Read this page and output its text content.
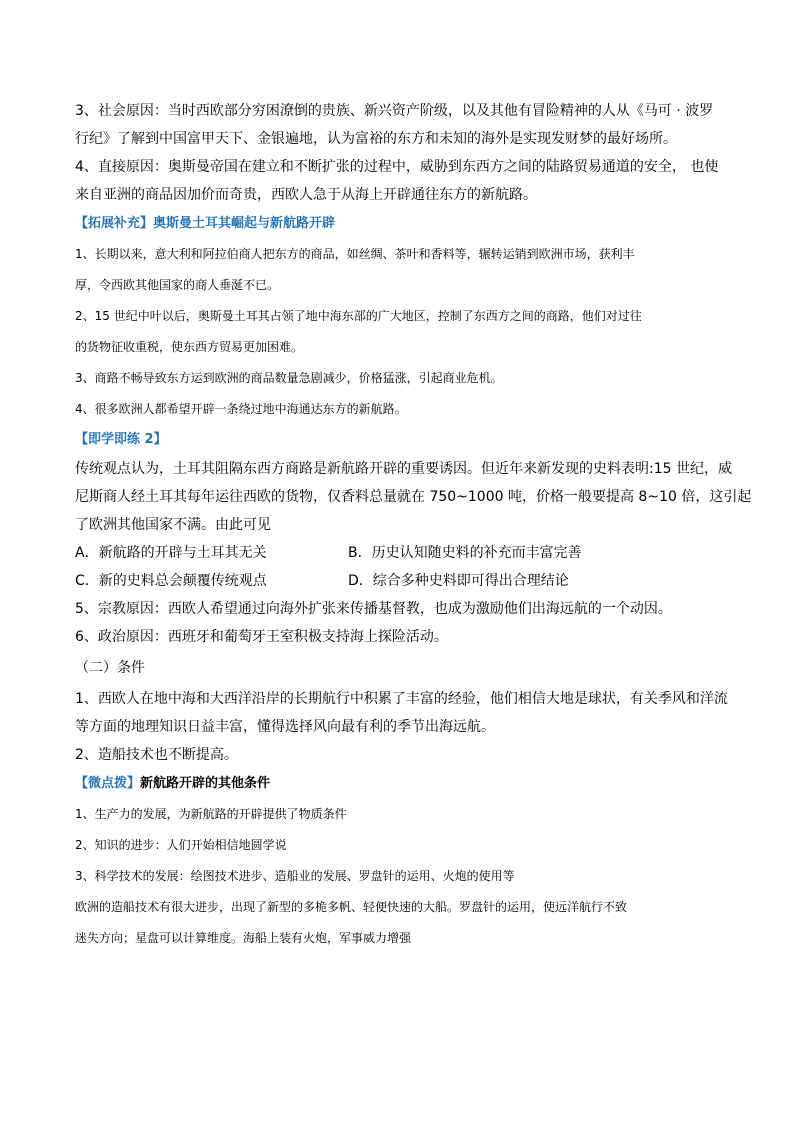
3、社会原因：当时西欧部分穷困潦倒的贵族、新兴资产阶级，以及其他有冒险精神的人从《马可 · 波罗
行纪》了解到中国富甲天下、金银遍地，认为富裕的东方和未知的海外是实现发财梦的最好场所。

4、直接原因：奥斯曼帝国在建立和不断扩张的过程中，威胁到东西方之间的陆路贸易通道的安全， 也使
来自亚洲的商品因加价而奇贵，西欧人急于从海上开辟通往东方的新航路。

【拓展补充】奥斯曼土耳其崛起与新航路开辟

1、长期以来，意大利和阿拉伯商人把东方的商品，如丝绸、茶叶和香料等，辗转运销到欧洲市场，获利丰
厚，令西欧其他国家的商人垂涎不已。

2、15 世纪中叶以后，奥斯曼土耳其占领了地中海东部的广大地区，控制了东西方之间的商路，他们对过往
的货物征收重税，使东西方贸易更加困难。

3、商路不畅导致东方运到欧洲的商品数量急剧减少，价格猛涨，引起商业危机。

4、很多欧洲人都希望开辟一条绕过地中海通达东方的新航路。

【即学即练 2】

传统观点认为，土耳其阻隔东西方商路是新航路开辟的重要诱因。但近年来新发现的史料表明:15 世纪，威
尼斯商人经土耳其每年运往西欧的货物，仅香料总量就在 750~1000 吨，价格一般要提高 8~10 倍，这引起
了欧洲其他国家不满。由此可见

A．新航路的开辟与土耳其无关	B．历史认知随史料的补充而丰富完善
C．新的史料总会颠覆传统观点	D．综合多种史料即可得出合理结论

5、宗教原因：西欧人希望通过向海外扩张来传播基督教，也成为激励他们出海远航的一个动因。

6、政治原因：西班牙和葡萄牙王室积极支持海上探险活动。

（二）条件

1、西欧人在地中海和大西洋沿岸的长期航行中积累了丰富的经验，他们相信大地是球状，有关季风和洋流
等方面的地理知识日益丰富，懂得选择风向最有利的季节出海远航。

2、造船技术也不断提高。

【微点拨】新航路开辟的其他条件

1、生产力的发展，为新航路的开辟提供了物质条件

2、知识的进步：人们开始相信地圆学说

3、科学技术的发展：绘图技术进步、造船业的发展、罗盘针的运用、火炮的使用等

欧洲的造船技术有很大进步，出现了新型的多桅多帆、轻便快速的大船。罗盘针的运用，使远洋航行不致
迷失方向；星盘可以计算维度。海船上装有火炮，军事威力增强
